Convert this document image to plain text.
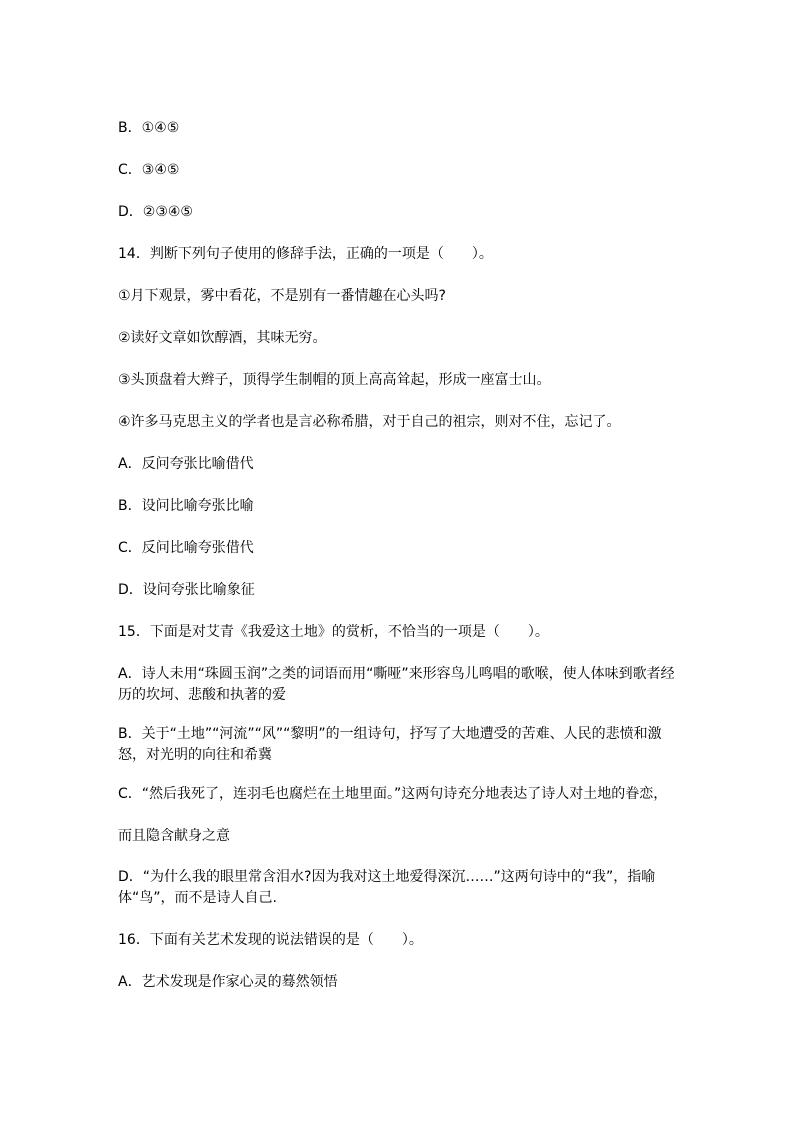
B．①④⑤
C．③④⑤
D．②③④⑤
14．判断下列句子使用的修辞手法，正确的一项是（　　）。
①月下观景，雾中看花，不是别有一番情趣在心头吗?
②读好文章如饮醇酒，其味无穷。
③头顶盘着大辫子，顶得学生制帽的顶上高高耸起，形成一座富士山。
④许多马克思主义的学者也是言必称希腊，对于自己的祖宗，则对不住，忘记了。
A．反问夸张比喻借代
B．设问比喻夸张比喻
C．反问比喻夸张借代
D．设问夸张比喻象征
15．下面是对艾青《我爱这土地》的赏析，不恰当的一项是（　　）。
A．诗人未用“珠圆玉润”之类的词语而用“嘶哑”来形容鸟儿鸣唱的歌喉，使人体味到歌者经历的坎坷、悲酸和执著的爱
B．关于“土地”“河流”“风”“黎明”的一组诗句，抒写了大地遭受的苦难、人民的悲愤和激怒，对光明的向往和希冀
C．“然后我死了，连羽毛也腐烂在土地里面。”这两句诗充分地表达了诗人对土地的眷恋，
而且隐含献身之意
D．“为什么我的眼里常含泪水?因为我对这土地爱得深沉……”这两句诗中的“我”，指喻体“鸟”，而不是诗人自己.
16．下面有关艺术发现的说法错误的是（　　）。
A．艺术发现是作家心灵的蓦然领悟
